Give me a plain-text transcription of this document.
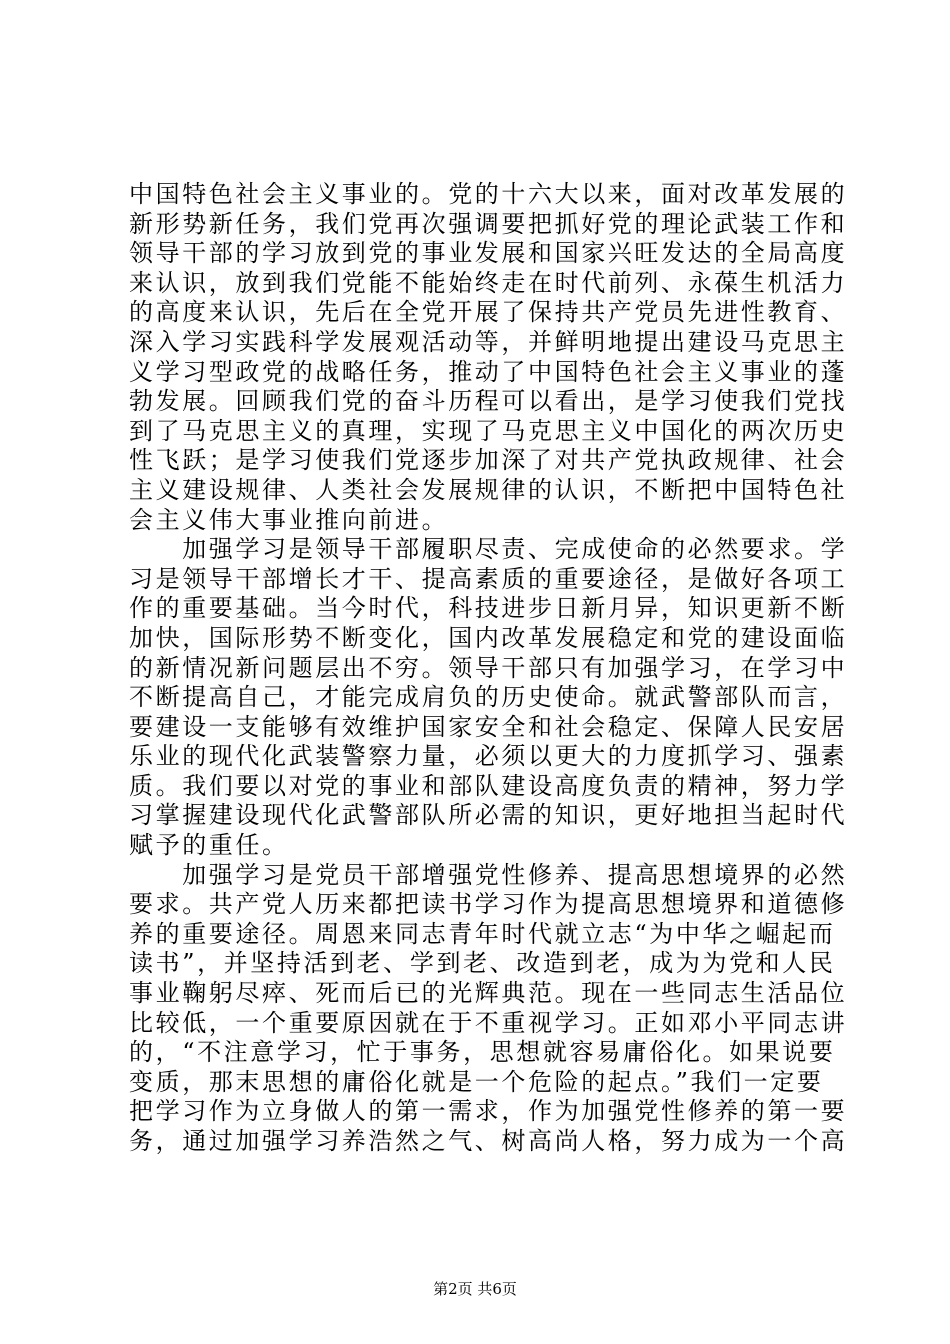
中国特色社会主义事业的。党的十六大以来，面对改革发展的
新形势新任务，我们党再次强调要把抓好党的理论武装工作和
领导干部的学习放到党的事业发展和国家兴旺发达的全局高度
来认识，放到我们党能不能始终走在时代前列、永葆生机活力
的高度来认识，先后在全党开展了保持共产党员先进性教育、
深入学习实践科学发展观活动等，并鲜明地提出建设马克思主
义学习型政党的战略任务，推动了中国特色社会主义事业的蓬
勃发展。回顾我们党的奋斗历程可以看出，是学习使我们党找
到了马克思主义的真理，实现了马克思主义中国化的两次历史
性飞跃；是学习使我们党逐步加深了对共产党执政规律、社会
主义建设规律、人类社会发展规律的认识，不断把中国特色社
会主义伟大事业推向前进。
　　加强学习是领导干部履职尽责、完成使命的必然要求。学
习是领导干部增长才干、提高素质的重要途径，是做好各项工
作的重要基础。当今时代，科技进步日新月异，知识更新不断
加快，国际形势不断变化，国内改革发展稳定和党的建设面临
的新情况新问题层出不穷。领导干部只有加强学习，在学习中
不断提高自己，才能完成肩负的历史使命。就武警部队而言，
要建设一支能够有效维护国家安全和社会稳定、保障人民安居
乐业的现代化武装警察力量，必须以更大的力度抓学习、强素
质。我们要以对党的事业和部队建设高度负责的精神，努力学
习掌握建设现代化武警部队所必需的知识，更好地担当起时代
赋予的重任。
　　加强学习是党员干部增强党性修养、提高思想境界的必然
要求。共产党人历来都把读书学习作为提高思想境界和道德修
养的重要途径。周恩来同志青年时代就立志“为中华之崛起而
读书”，并坚持活到老、学到老、改造到老，成为为党和人民
事业鞠躬尽瘁、死而后已的光辉典范。现在一些同志生活品位
比较低，一个重要原因就在于不重视学习。正如邓小平同志讲
的，“不注意学习，忙于事务，思想就容易庸俗化。如果说要
变质，那末思想的庸俗化就是一个危险的起点。”我们一定要
把学习作为立身做人的第一需求，作为加强党性修养的第一要
务，通过加强学习养浩然之气、树高尚人格，努力成为一个高
第2页 共6页
